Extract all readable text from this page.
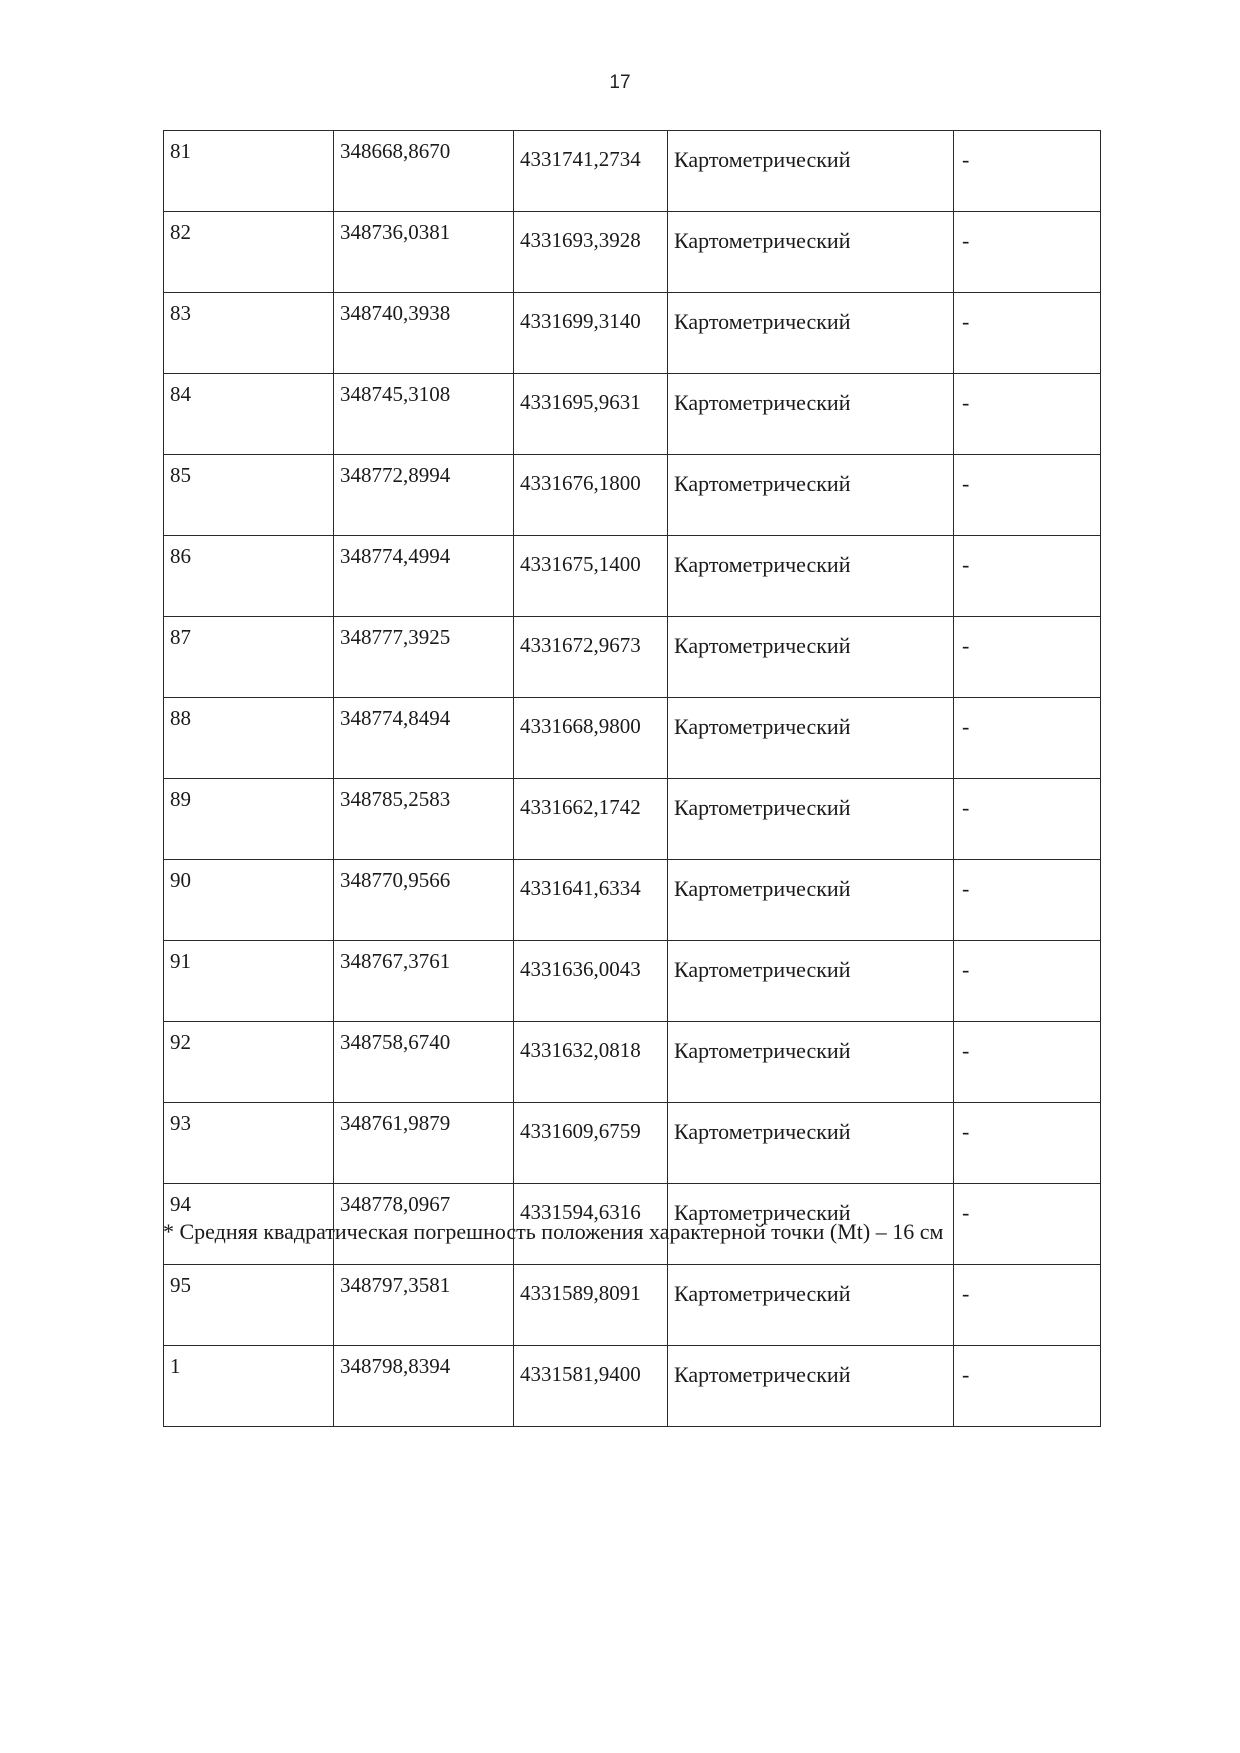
17
81	348668,8670	4331741,2734	Картометрический	-
82	348736,0381	4331693,3928	Картометрический	-
83	348740,3938	4331699,3140	Картометрический	-
84	348745,3108	4331695,9631	Картометрический	-
85	348772,8994	4331676,1800	Картометрический	-
86	348774,4994	4331675,1400	Картометрический	-
87	348777,3925	4331672,9673	Картометрический	-
88	348774,8494	4331668,9800	Картометрический	-
89	348785,2583	4331662,1742	Картометрический	-
90	348770,9566	4331641,6334	Картометрический	-
91	348767,3761	4331636,0043	Картометрический	-
92	348758,6740	4331632,0818	Картометрический	-
93	348761,9879	4331609,6759	Картометрический	-
94	348778,0967	4331594,6316	Картометрический	-
95	348797,3581	4331589,8091	Картометрический	-
1	348798,8394	4331581,9400	Картометрический	-
* Средняя квадратическая погрешность положения характерной точки (Mt) – 16 см
